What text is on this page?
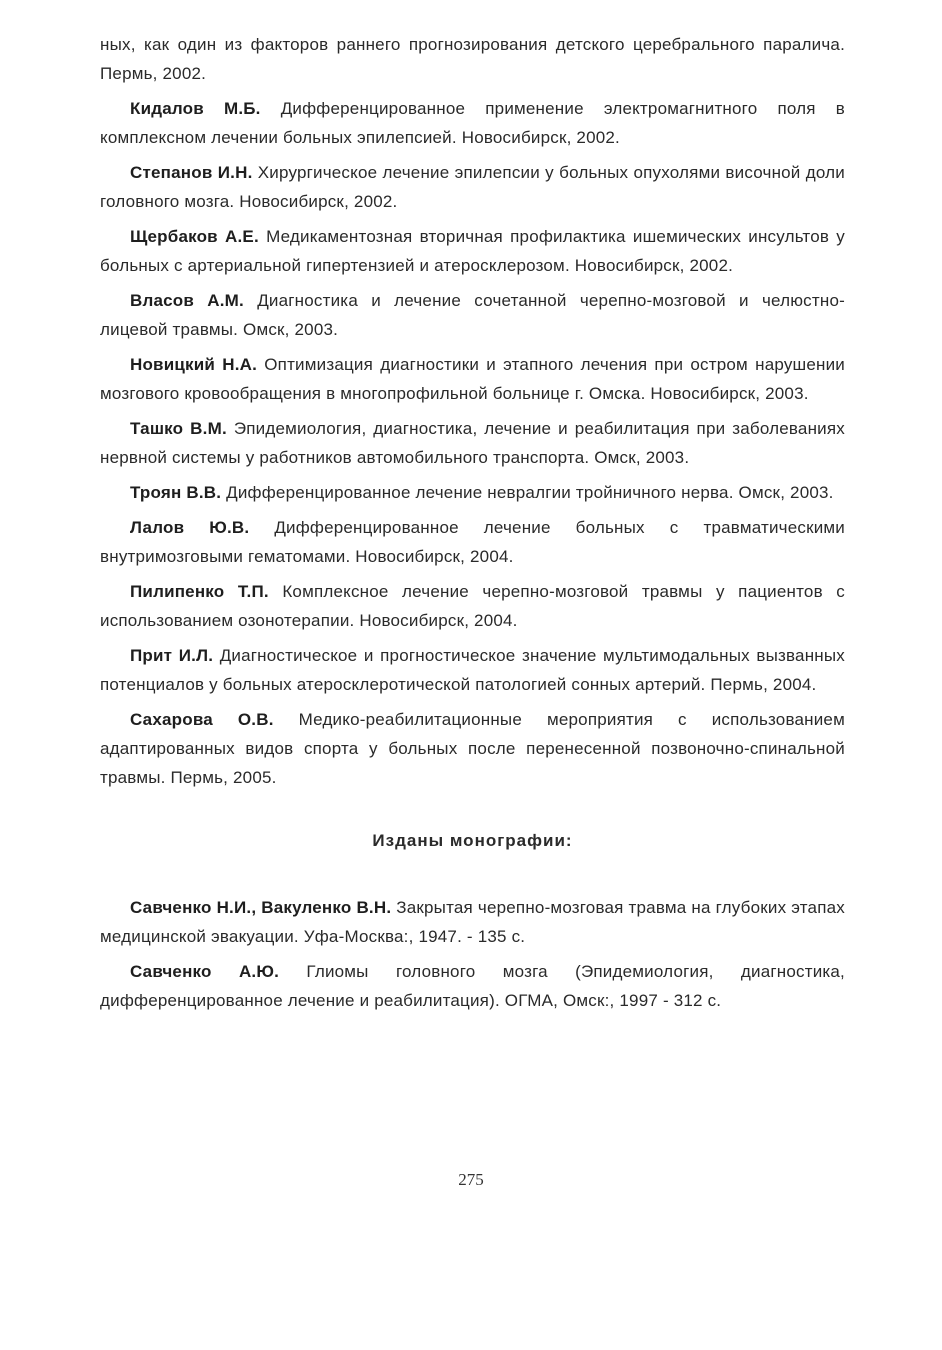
ных, как один из факторов раннего прогнозирования детского церебрального паралича. Пермь, 2002.

Кидалов М.Б. Дифференцированное применение электромагнитного поля в комплексном лечении больных эпилепсией. Новосибирск, 2002.

Степанов И.Н. Хирургическое лечение эпилепсии у больных опухолями височной доли головного мозга. Новосибирск, 2002.

Щербаков А.Е. Медикаментозная вторичная профилактика ишемических инсультов у больных с артериальной гипертензией и атеросклерозом. Новосибирск, 2002.

Власов А.М. Диагностика и лечение сочетанной черепно-мозговой и челюстно-лицевой травмы. Омск, 2003.

Новицкий Н.А. Оптимизация диагностики и этапного лечения при остром нарушении мозгового кровообращения в многопрофильной больнице г. Омска. Новосибирск, 2003.

Ташко В.М. Эпидемиология, диагностика, лечение и реабилитация при заболеваниях нервной системы у работников автомобильного транспорта. Омск, 2003.

Троян В.В. Дифференцированное лечение невралгии тройничного нерва. Омск, 2003.

Лалов Ю.В. Дифференцированное лечение больных с травматическими внутримозговыми гематомами. Новосибирск, 2004.

Пилипенко Т.П. Комплексное лечение черепно-мозговой травмы у пациентов с использованием озонотерапии. Новосибирск, 2004.

Прит И.Л. Диагностическое и прогностическое значение мультимодальных вызванных потенциалов у больных атеросклеротической патологией сонных артерий. Пермь, 2004.

Сахарова О.В. Медико-реабилитационные мероприятия с использованием адаптированных видов спорта у больных после перенесенной позвоночно-спинальной травмы. Пермь, 2005.

Изданы монографии:

Савченко Н.И., Вакуленко В.Н. Закрытая черепно-мозговая травма на глубоких этапах медицинской эвакуации. Уфа-Москва:, 1947. - 135 с.

Савченко А.Ю. Глиомы головного мозга (Эпидемиология, диагностика, дифференцированное лечение и реабилитация). ОГМА, Омск:, 1997 - 312 с.

275
